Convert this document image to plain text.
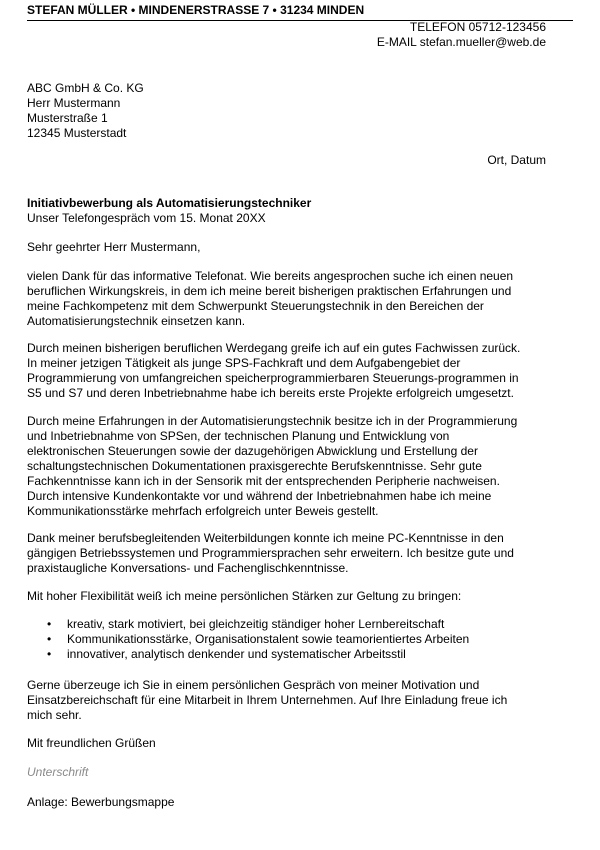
STEFAN MÜLLER • MINDENERSTRASSE 7 • 31234 MINDEN
TELEFON 05712-123456
E-MAIL stefan.mueller@web.de
ABC GmbH & Co. KG
Herr Mustermann
Musterstraße 1
12345 Musterstadt
Ort, Datum
Initiativbewerbung als Automatisierungstechniker
Unser Telefongespräch vom 15. Monat 20XX
Sehr geehrter Herr Mustermann,
vielen Dank für das informative Telefonat. Wie bereits angesprochen suche ich einen neuen
beruflichen Wirkungskreis, in dem ich meine bereit bisherigen praktischen Erfahrungen und
meine Fachkompetenz mit dem Schwerpunkt Steuerungstechnik in den Bereichen der
Automatisierungstechnik einsetzen kann.
Durch meinen bisherigen beruflichen Werdegang greife ich auf ein gutes Fachwissen zurück.
In meiner jetzigen Tätigkeit als junge SPS-Fachkraft und dem Aufgabengebiet der
Programmierung von umfangreichen speicherprogrammierbaren Steuerungs-programmen in
S5 und S7 und deren Inbetriebnahme habe ich bereits erste Projekte erfolgreich umgesetzt.
Durch meine Erfahrungen in der Automatisierungstechnik besitze ich in der Programmierung
und Inbetriebnahme von SPSen, der technischen Planung und Entwicklung von
elektronischen Steuerungen sowie der dazugehörigen Abwicklung und Erstellung der
schaltungstechnischen Dokumentationen praxisgerechte Berufskenntnisse. Sehr gute
Fachkenntnisse kann ich in der Sensorik mit der entsprechenden Peripherie nachweisen.
Durch intensive Kundenkontakte vor und während der Inbetriebnahmen habe ich meine
Kommunikationsstärke mehrfach erfolgreich unter Beweis gestellt.
Dank meiner berufsbegleitenden Weiterbildungen konnte ich meine PC-Kenntnisse in den
gängigen Betriebssystemen und Programmiersprachen sehr erweitern. Ich besitze gute und
praxistaugliche Konversations- und Fachenglischkenntnisse.
Mit hoher Flexibilität weiß ich meine persönlichen Stärken zur Geltung zu bringen:
•	kreativ, stark motiviert, bei gleichzeitig ständiger hoher Lernbereitschaft
•	Kommunikationsstärke, Organisationstalent sowie teamorientiertes Arbeiten
•	innovativer, analytisch denkender und systematischer Arbeitsstil
Gerne überzeuge ich Sie in einem persönlichen Gespräch von meiner Motivation und
Einsatzbereichschaft für eine Mitarbeit in Ihrem Unternehmen. Auf Ihre Einladung freue ich
mich sehr.
Mit freundlichen Grüßen
Unterschrift
Anlage: Bewerbungsmappe
